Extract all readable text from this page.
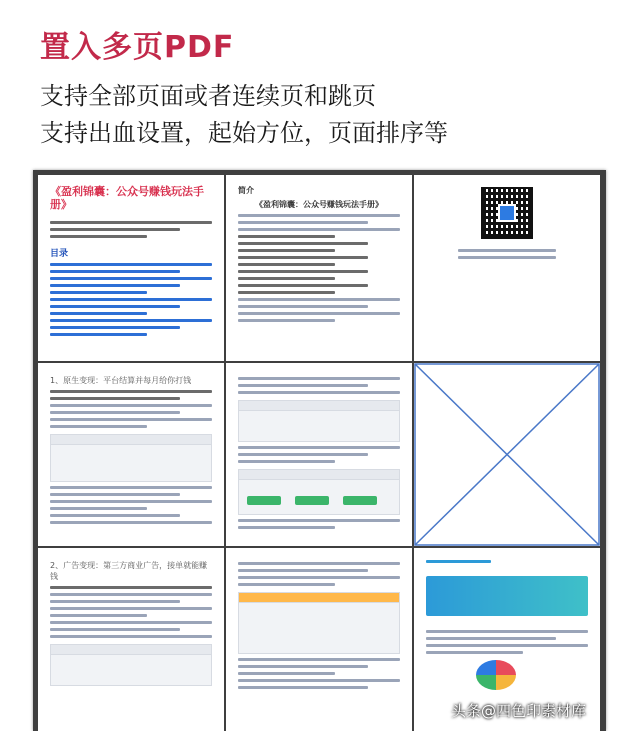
置入多页PDF
支持全部页面或者连续页和跳页
支持出血设置，起始方位，页面排序等
《盈利锦囊：公众号赚钱玩法手册》
目录
简介
《盈利锦囊：公众号赚钱玩法手册》
1、原生变现：平台结算并每月给你打钱
2、广告变现：第三方商业广告，接单就能赚钱
头条@四色印素材库
